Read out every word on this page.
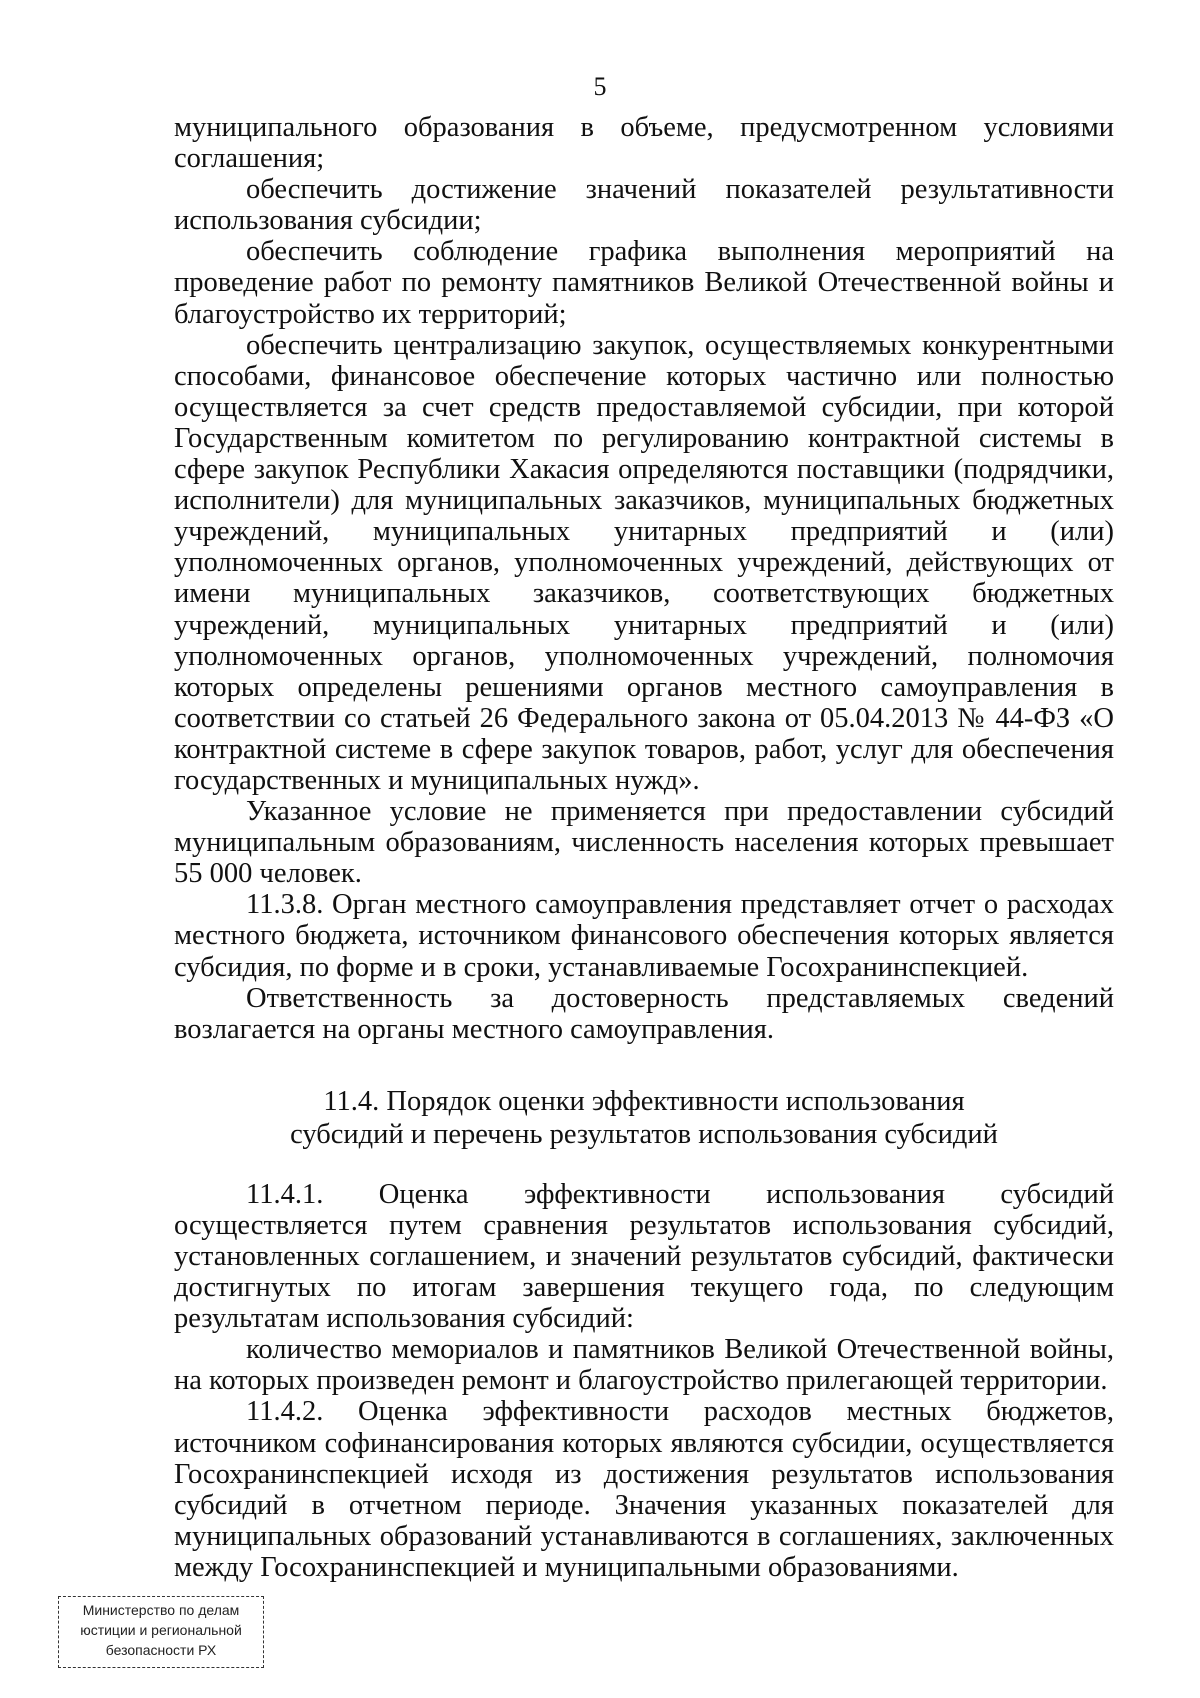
5

муниципального образования в объеме, предусмотренном условиями соглашения;

обеспечить достижение значений показателей результативности использования субсидии;

обеспечить соблюдение графика выполнения мероприятий на проведение работ по ремонту памятников Великой Отечественной войны и благоустройство их территорий;

обеспечить централизацию закупок, осуществляемых конкурентными способами, финансовое обеспечение которых частично или полностью осуществляется за счет средств предоставляемой субсидии, при которой Государственным комитетом по регулированию контрактной системы в сфере закупок Республики Хакасия определяются поставщики (подрядчики, исполнители) для муниципальных заказчиков, муниципальных бюджетных учреждений, муниципальных унитарных предприятий и (или) уполномоченных органов, уполномоченных учреждений, действующих от имени муниципальных заказчиков, соответствующих бюджетных учреждений, муниципальных унитарных предприятий и (или) уполномоченных органов, уполномоченных учреждений, полномочия которых определены решениями органов местного самоуправления в соответствии со статьей 26 Федерального закона от 05.04.2013 № 44-ФЗ «О контрактной системе в сфере закупок товаров, работ, услуг для обеспечения государственных и муниципальных нужд».

Указанное условие не применяется при предоставлении субсидий муниципальным образованиям, численность населения которых превышает 55 000 человек.

11.3.8. Орган местного самоуправления представляет отчет о расходах местного бюджета, источником финансового обеспечения которых является субсидия, по форме и в сроки, устанавливаемые Госохранинспекцией.

Ответственность за достоверность представляемых сведений возлагается на органы местного самоуправления.

11.4. Порядок оценки эффективности использования
субсидий и перечень результатов использования субсидий

11.4.1. Оценка эффективности использования субсидий осуществляется путем сравнения результатов использования субсидий, установленных соглашением, и значений результатов субсидий, фактически достигнутых по итогам завершения текущего года, по следующим результатам использования субсидий:

количество мемориалов и памятников Великой Отечественной войны, на которых произведен ремонт и благоустройство прилегающей территории.

11.4.2. Оценка эффективности расходов местных бюджетов, источником софинансирования которых являются субсидии, осуществляется Госохранинспекцией исходя из достижения результатов использования субсидий в отчетном периоде. Значения указанных показателей для муниципальных образований устанавливаются в соглашениях, заключенных между Госохранинспекцией и муниципальными образованиями.

Министерство по делам
юстиции и региональной
безопасности РХ
